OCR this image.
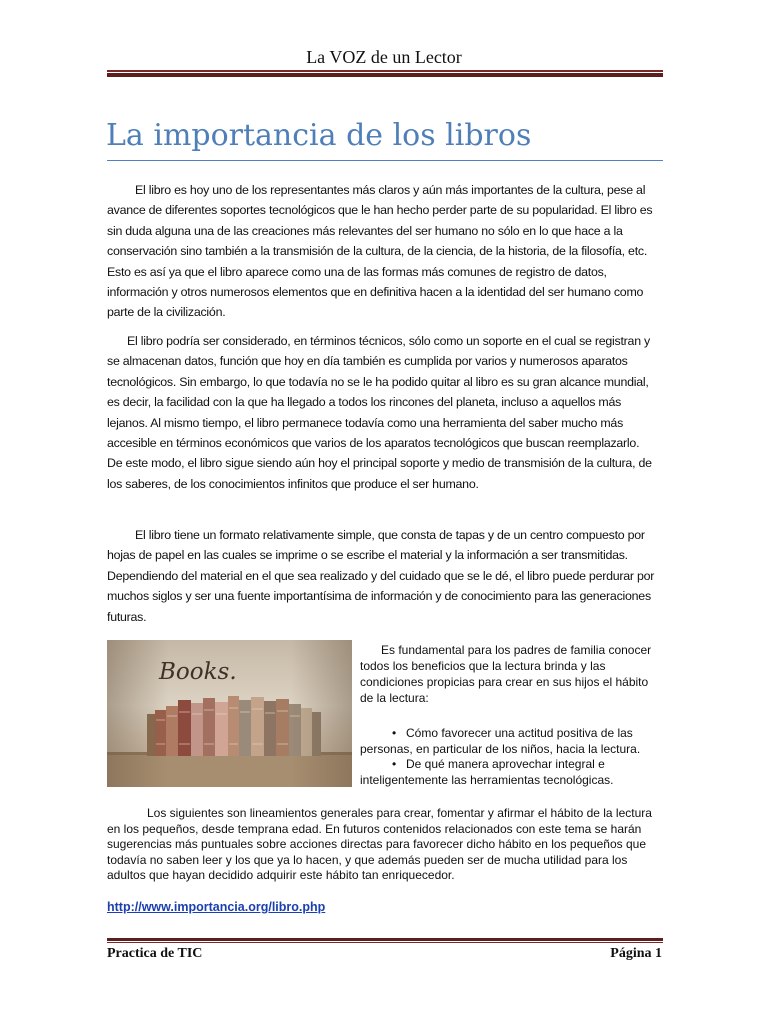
La VOZ de un Lector
La importancia de los libros

El libro es hoy uno de los representantes más claros y aún más importantes de la cultura, pese al avance de diferentes soportes tecnológicos que le han hecho perder parte de su popularidad. El libro es sin duda alguna una de las creaciones más relevantes del ser humano no sólo en lo que hace a la conservación sino también a la transmisión de la cultura, de la ciencia, de la historia, de la filosofía, etc. Esto es así ya que el libro aparece como una de las formas más comunes de registro de datos, información y otros numerosos elementos que en definitiva hacen a la identidad del ser humano como parte de la civilización.

El libro podría ser considerado, en términos técnicos, sólo como un soporte en el cual se registran y se almacenan datos, función que hoy en día también es cumplida por varios y numerosos aparatos tecnológicos. Sin embargo, lo que todavía no se le ha podido quitar al libro es su gran alcance mundial, es decir, la facilidad con la que ha llegado a todos los rincones del planeta, incluso a aquellos más lejanos. Al mismo tiempo, el libro permanece todavía como una herramienta del saber mucho más accesible en términos económicos que varios de los aparatos tecnológicos que buscan reemplazarlo. De este modo, el libro sigue siendo aún hoy el principal soporte y medio de transmisión de la cultura, de los saberes, de los conocimientos infinitos que produce el ser humano.

El libro tiene un formato relativamente simple, que consta de tapas y de un centro compuesto por hojas de papel en las cuales se imprime o se escribe el material y la información a ser transmitidas. Dependiendo del material en el que sea realizado y del cuidado que se le dé, el libro puede perdurar por muchos siglos y ser una fuente importantísima de información y de conocimiento para las generaciones futuras.

Es fundamental para los padres de familia conocer todos los beneficios que la lectura brinda y las condiciones propicias para crear en sus hijos el hábito de la lectura:

• Cómo favorecer una actitud positiva de las personas, en particular de los niños, hacia la lectura.
• De qué manera aprovechar integral e inteligentemente las herramientas tecnológicas.

Los siguientes son lineamientos generales para crear, fomentar y afirmar el hábito de la lectura en los pequeños, desde temprana edad. En futuros contenidos relacionados con este tema se harán sugerencias más puntuales sobre acciones directas para favorecer dicho hábito en los pequeños que todavía no saben leer y los que ya lo hacen, y que además pueden ser de mucha utilidad para los adultos que hayan decidido adquirir este hábito tan enriquecedor.

http://www.importancia.org/libro.php
Practica de TIC	Página 1
